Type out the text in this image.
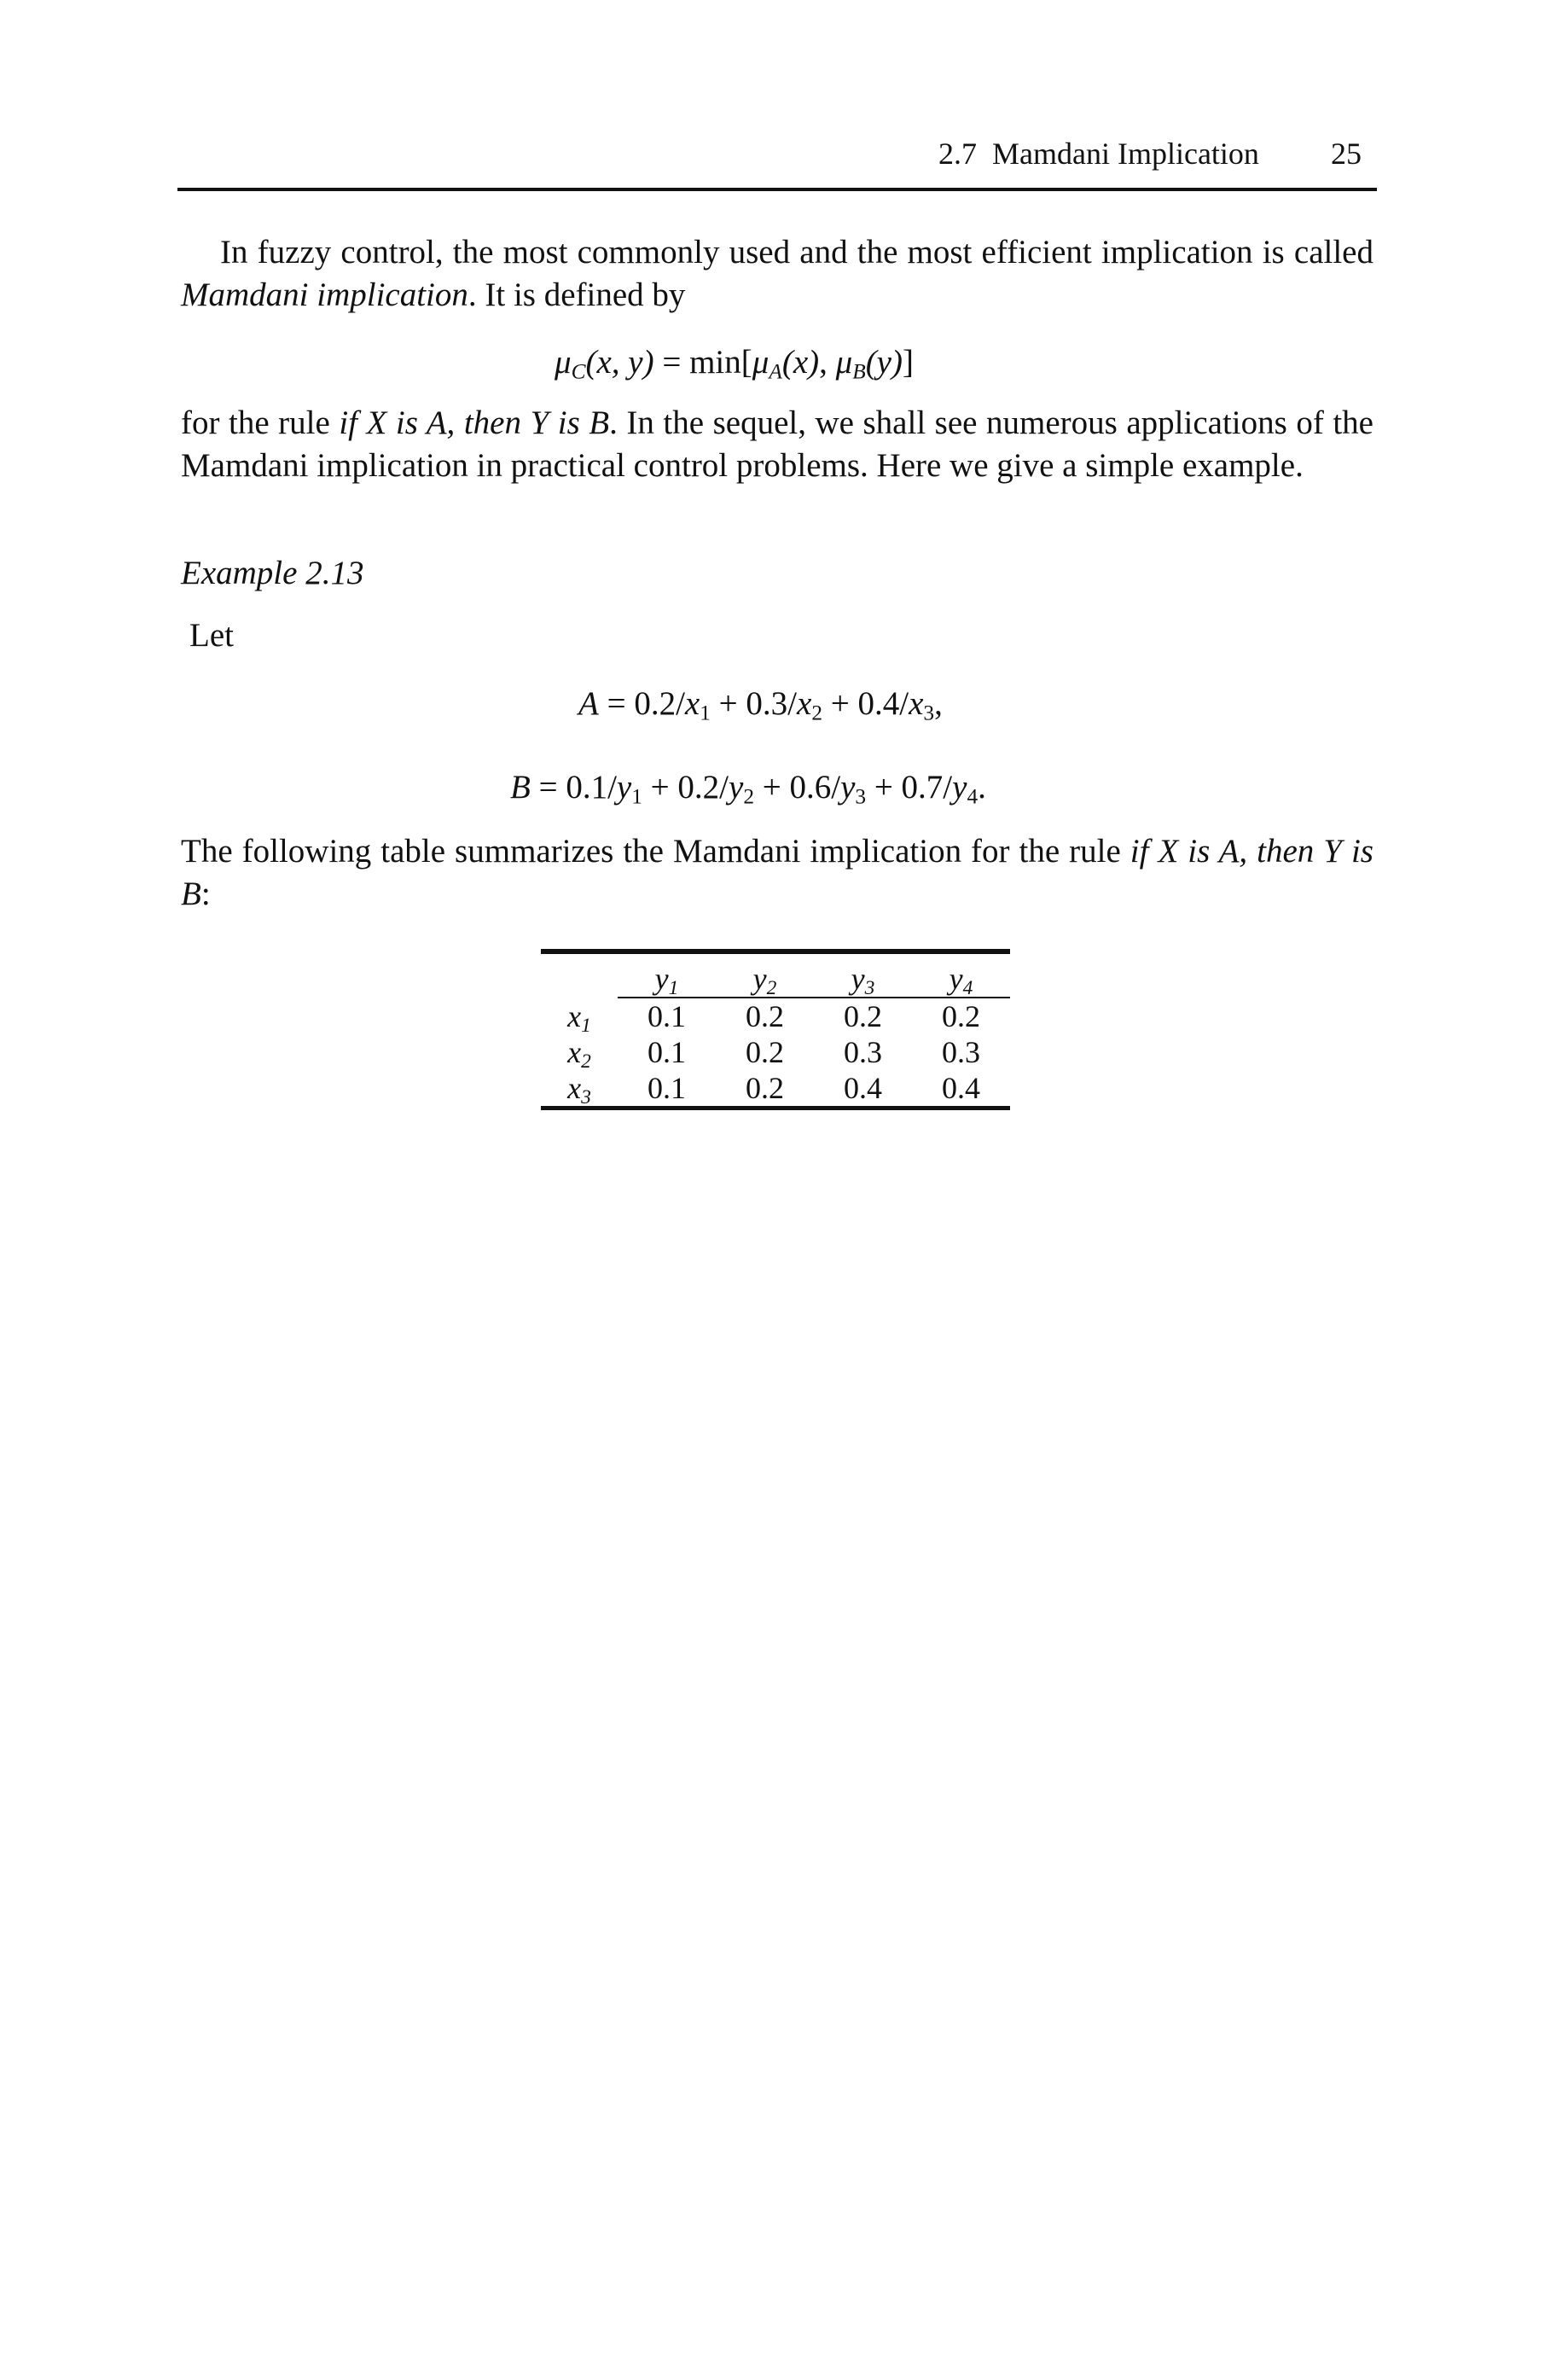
2.7  Mamdani Implication 25

In fuzzy control, the most commonly used and the most efficient implication is called Mamdani implication. It is defined by

$\mu_C(x$, $y) = \min[\mu_A(x)$, $\mu_B(y)$]

for the rule if X is A, then Y is B. In the sequel, we shall see numerous applications of the Mamdani implication in practical control problems. Here we give a simple example.

Example 2.13
Let
$A = 0.2/x_1 + 0.3/x_2 + 0.4/x_3$,
$B = 0.1/y_1 + 0.2/y_2 + 0.6/y_3 + 0.7/y_4$.

The following table summarizes the Mamdani implication for the rule if X is A, then Y is B:

	$y_1$	$y_2$	$y_3$	$y_4$
$x_1$	0.1	0.2	0.2	0.2
$x_2$	0.1	0.2	0.3	0.3
$x_3$	0.1	0.2	0.4	0.4
